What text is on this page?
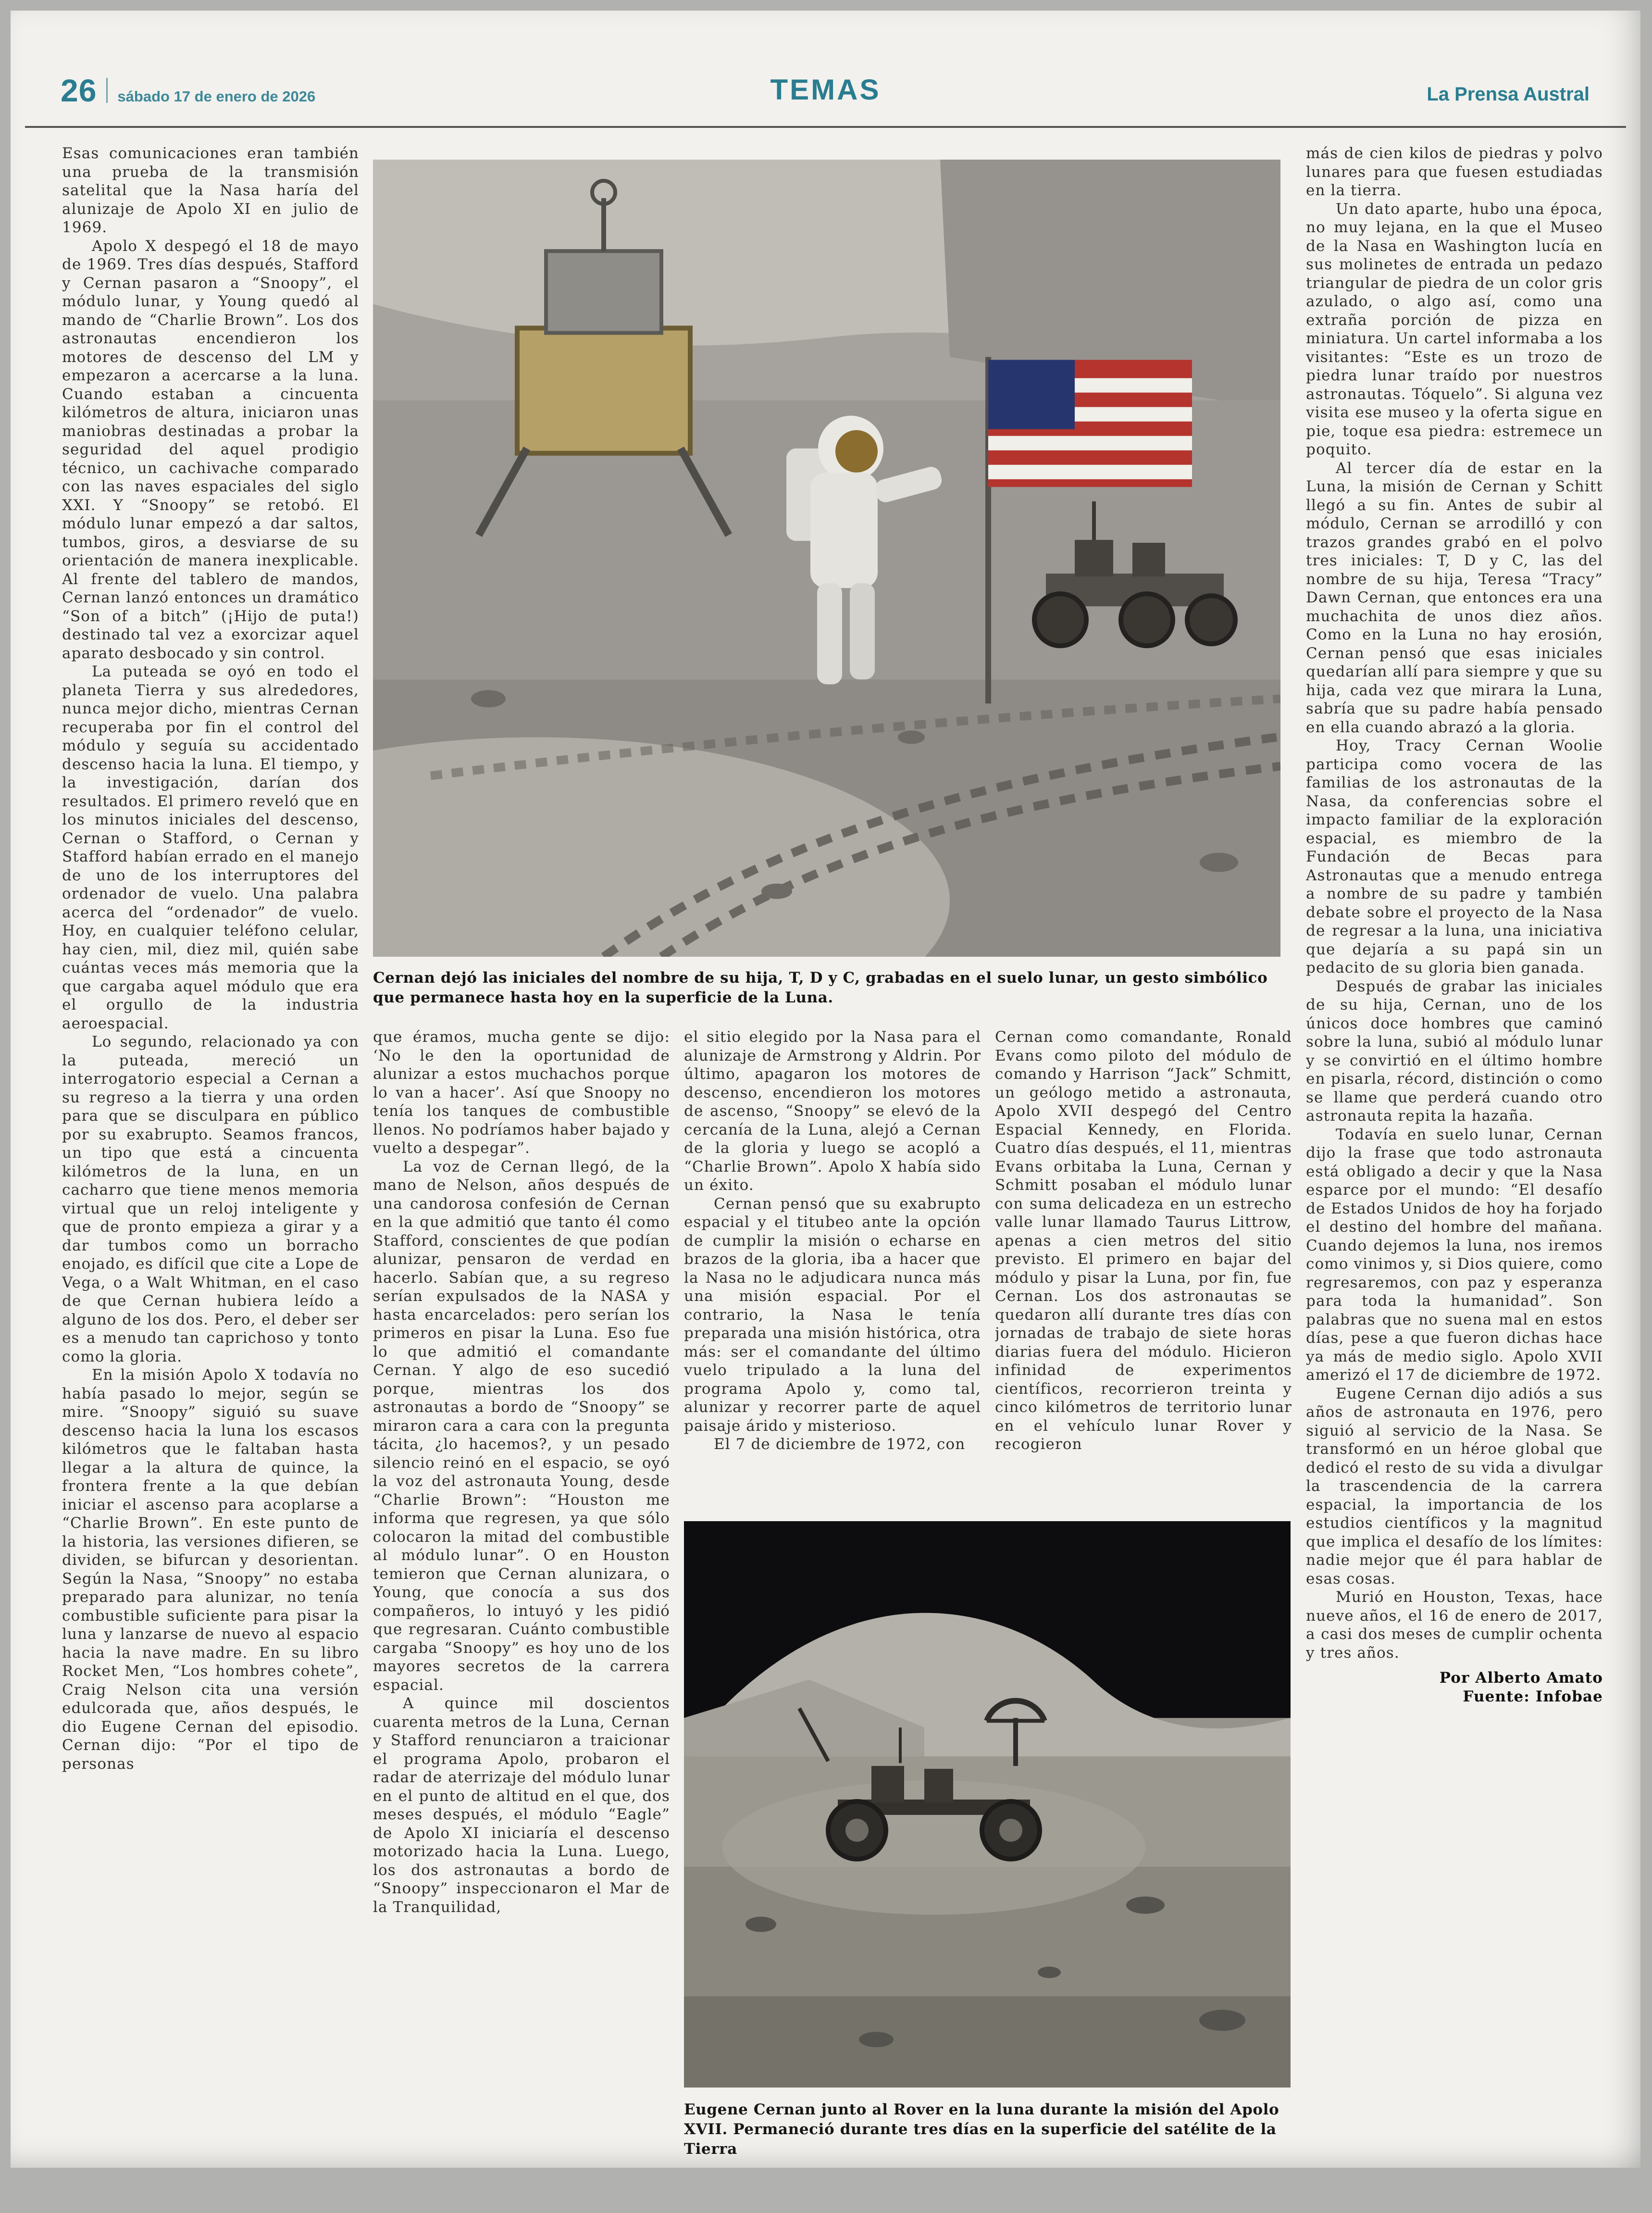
26 sábado 17 de enero de 2026	TEMAS	La Prensa Austral

Esas comunicaciones eran también una prueba de la transmisión satelital que la Nasa haría del alunizaje de Apolo XI en julio de 1969.

Apolo X despegó el 18 de mayo de 1969. Tres días después, Stafford y Cernan pasaron a “Snoopy”, el módulo lunar, y Young quedó al mando de “Charlie Brown”. Los dos astronautas encendieron los motores de descenso del LM y empezaron a acercarse a la luna. Cuando estaban a cincuenta kilómetros de altura, iniciaron unas maniobras destinadas a probar la seguridad del aquel prodigio técnico, un cachivache comparado con las naves espaciales del siglo XXI. Y “Snoopy” se retobó. El módulo lunar empezó a dar saltos, tumbos, giros, a desviarse de su orientación de manera inexplicable. Al frente del tablero de mandos, Cernan lanzó entonces un dramático “Son of a bitch” (¡Hijo de puta!) destinado tal vez a exorcizar aquel aparato desbocado y sin control.

La puteada se oyó en todo el planeta Tierra y sus alrededores, nunca mejor dicho, mientras Cernan recuperaba por fin el control del módulo y seguía su accidentado descenso hacia la luna. El tiempo, y la investigación, darían dos resultados. El primero reveló que en los minutos iniciales del descenso, Cernan o Stafford, o Cernan y Stafford habían errado en el manejo de uno de los interruptores del ordenador de vuelo. Una palabra acerca del “ordenador” de vuelo. Hoy, en cualquier teléfono celular, hay cien, mil, diez mil, quién sabe cuántas veces más memoria que la que cargaba aquel módulo que era el orgullo de la industria aeroespacial.

Lo segundo, relacionado ya con la puteada, mereció un interrogatorio especial a Cernan a su regreso a la tierra y una orden para que se disculpara en público por su exabrupto. Seamos francos, un tipo que está a cincuenta kilómetros de la luna, en un cacharro que tiene menos memoria virtual que un reloj inteligente y que de pronto empieza a girar y a dar tumbos como un borracho enojado, es difícil que cite a Lope de Vega, o a Walt Whitman, en el caso de que Cernan hubiera leído a alguno de los dos. Pero, el deber ser es a menudo tan caprichoso y tonto como la gloria.

En la misión Apolo X todavía no había pasado lo mejor, según se mire. “Snoopy” siguió su suave descenso hacia la luna los escasos kilómetros que le faltaban hasta llegar a la altura de quince, la frontera frente a la que debían iniciar el ascenso para acoplarse a “Charlie Brown”. En este punto de la historia, las versiones difieren, se dividen, se bifurcan y desorientan. Según la Nasa, “Snoopy” no estaba preparado para alunizar, no tenía combustible suficiente para pisar la luna y lanzarse de nuevo al espacio hacia la nave madre. En su libro Rocket Men, “Los hombres cohete”, Craig Nelson cita una versión edulcorada que, años después, le dio Eugene Cernan del episodio. Cernan dijo: “Por el tipo de personas

Cernan dejó las iniciales del nombre de su hija, T, D y C, grabadas en el suelo lunar, un gesto simbólico que permanece hasta hoy en la superficie de la Luna.

que éramos, mucha gente se dijo: ‘No le den la oportunidad de alunizar a estos muchachos porque lo van a hacer’. Así que Snoopy no tenía los tanques de combustible llenos. No podríamos haber bajado y vuelto a despegar”.

La voz de Cernan llegó, de la mano de Nelson, años después de una candorosa confesión de Cernan en la que admitió que tanto él como Stafford, conscientes de que podían alunizar, pensaron de verdad en hacerlo. Sabían que, a su regreso serían expulsados de la NASA y hasta encarcelados: pero serían los primeros en pisar la Luna. Eso fue lo que admitió el comandante Cernan. Y algo de eso sucedió porque, mientras los dos astronautas a bordo de “Snoopy” se miraron cara a cara con la pregunta tácita, ¿lo hacemos?, y un pesado silencio reinó en el espacio, se oyó la voz del astronauta Young, desde “Charlie Brown”: “Houston me informa que regresen, ya que sólo colocaron la mitad del combustible al módulo lunar”. O en Houston temieron que Cernan alunizara, o Young, que conocía a sus dos compañeros, lo intuyó y les pidió que regresaran. Cuánto combustible cargaba “Snoopy” es hoy uno de los mayores secretos de la carrera espacial.

A quince mil doscientos cuarenta metros de la Luna, Cernan y Stafford renunciaron a traicionar el programa Apolo, probaron el radar de aterrizaje del módulo lunar en el punto de altitud en el que, dos meses después, el módulo “Eagle” de Apolo XI iniciaría el descenso motorizado hacia la Luna. Luego, los dos astronautas a bordo de “Snoopy” inspeccionaron el Mar de la Tranquilidad,

el sitio elegido por la Nasa para el alunizaje de Armstrong y Aldrin. Por último, apagaron los motores de descenso, encendieron los motores de ascenso, “Snoopy” se elevó de la cercanía de la Luna, alejó a Cernan de la gloria y luego se acopló a “Charlie Brown”. Apolo X había sido un éxito.

Cernan pensó que su exabrupto espacial y el titubeo ante la opción de cumplir la misión o echarse en brazos de la gloria, iba a hacer que la Nasa no le adjudicara nunca más una misión espacial. Por el contrario, la Nasa le tenía preparada una misión histórica, otra más: ser el comandante del último vuelo tripulado a la luna del programa Apolo y, como tal, alunizar y recorrer parte de aquel paisaje árido y misterioso.

El 7 de diciembre de 1972, con

Cernan como comandante, Ronald Evans como piloto del módulo de comando y Harrison “Jack” Schmitt, un geólogo metido a astronauta, Apolo XVII despegó del Centro Espacial Kennedy, en Florida. Cuatro días después, el 11, mientras Evans orbitaba la Luna, Cernan y Schmitt posaban el módulo lunar con suma delicadeza en un estrecho valle lunar llamado Taurus Littrow, apenas a cien metros del sitio previsto. El primero en bajar del módulo y pisar la Luna, por fin, fue Cernan. Los dos astronautas se quedaron allí durante tres días con jornadas de trabajo de siete horas diarias fuera del módulo. Hicieron infinidad de experimentos científicos, recorrieron treinta y cinco kilómetros de territorio lunar en el vehículo lunar Rover y recogieron

Eugene Cernan junto al Rover en la luna durante la misión del Apolo XVII. Permaneció durante tres días en la superficie del satélite de la Tierra

más de cien kilos de piedras y polvo lunares para que fuesen estudiadas en la tierra.

Un dato aparte, hubo una época, no muy lejana, en la que el Museo de la Nasa en Washington lucía en sus molinetes de entrada un pedazo triangular de piedra de un color gris azulado, o algo así, como una extraña porción de pizza en miniatura. Un cartel informaba a los visitantes: “Este es un trozo de piedra lunar traído por nuestros astronautas. Tóquelo”. Si alguna vez visita ese museo y la oferta sigue en pie, toque esa piedra: estremece un poquito.

Al tercer día de estar en la Luna, la misión de Cernan y Schitt llegó a su fin. Antes de subir al módulo, Cernan se arrodilló y con trazos grandes grabó en el polvo tres iniciales: T, D y C, las del nombre de su hija, Teresa “Tracy” Dawn Cernan, que entonces era una muchachita de unos diez años. Como en la Luna no hay erosión, Cernan pensó que esas iniciales quedarían allí para siempre y que su hija, cada vez que mirara la Luna, sabría que su padre había pensado en ella cuando abrazó a la gloria.

Hoy, Tracy Cernan Woolie participa como vocera de las familias de los astronautas de la Nasa, da conferencias sobre el impacto familiar de la exploración espacial, es miembro de la Fundación de Becas para Astronautas que a menudo entrega a nombre de su padre y también debate sobre el proyecto de la Nasa de regresar a la luna, una iniciativa que dejaría a su papá sin un pedacito de su gloria bien ganada.

Después de grabar las iniciales de su hija, Cernan, uno de los únicos doce hombres que caminó sobre la luna, subió al módulo lunar y se convirtió en el último hombre en pisarla, récord, distinción o como se llame que perderá cuando otro astronauta repita la hazaña.

Todavía en suelo lunar, Cernan dijo la frase que todo astronauta está obligado a decir y que la Nasa esparce por el mundo: “El desafío de Estados Unidos de hoy ha forjado el destino del hombre del mañana. Cuando dejemos la luna, nos iremos como vinimos y, si Dios quiere, como regresaremos, con paz y esperanza para toda la humanidad”. Son palabras que no suena mal en estos días, pese a que fueron dichas hace ya más de medio siglo. Apolo XVII amerizó el 17 de diciembre de 1972.

Eugene Cernan dijo adiós a sus años de astronauta en 1976, pero siguió al servicio de la Nasa. Se transformó en un héroe global que dedicó el resto de su vida a divulgar la trascendencia de la carrera espacial, la importancia de los estudios científicos y la magnitud que implica el desafío de los límites: nadie mejor que él para hablar de esas cosas.

Murió en Houston, Texas, hace nueve años, el 16 de enero de 2017, a casi dos meses de cumplir ochenta y tres años.

Por Alberto Amato
Fuente: Infobae
